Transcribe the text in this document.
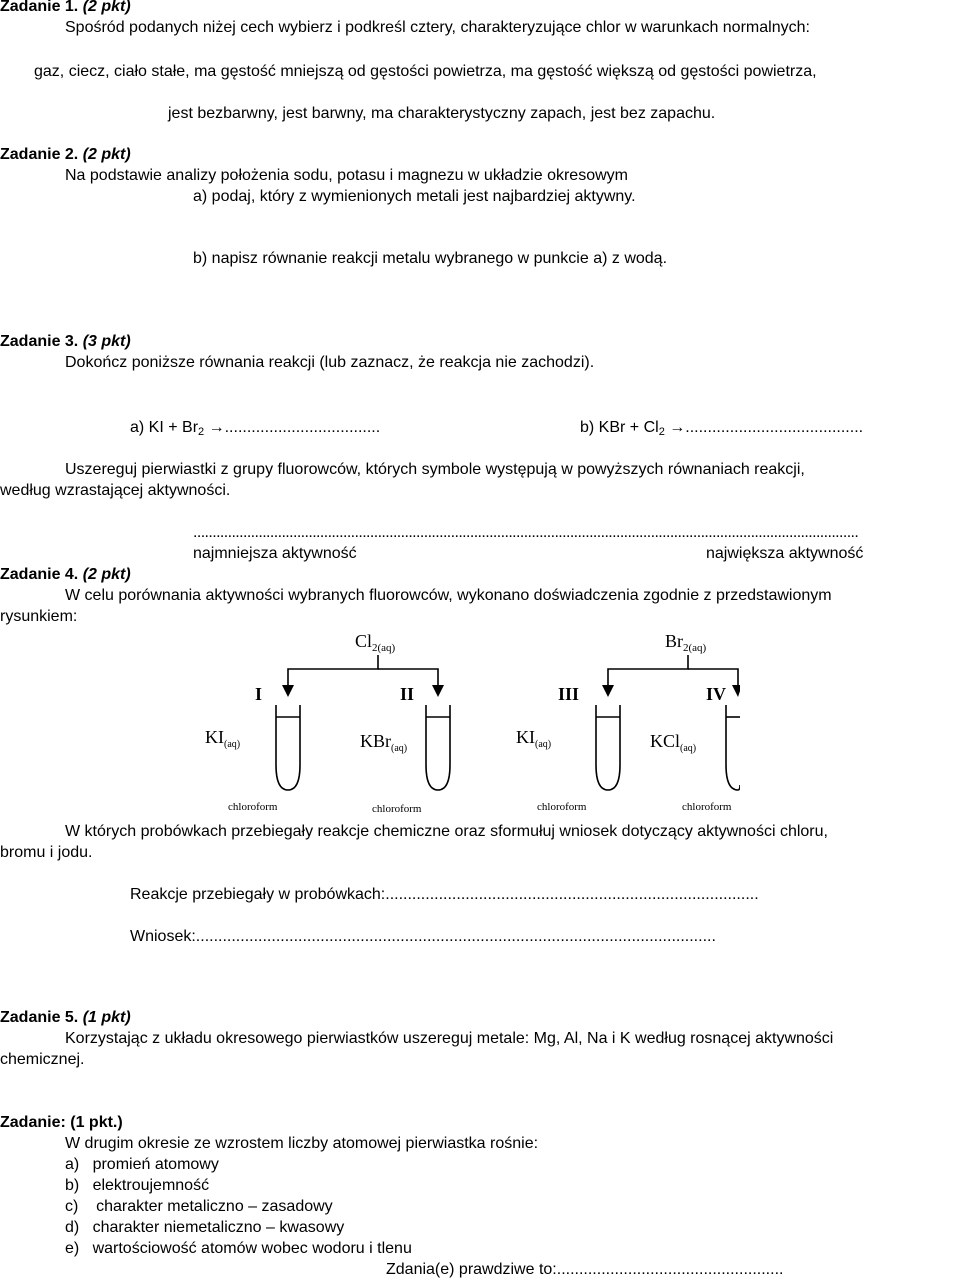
Zadanie 1. (2 pkt)
Spośród podanych niżej cech wybierz i podkreśl cztery, charakteryzujące chlor w warunkach normalnych:
gaz, ciecz, ciało stałe, ma gęstość mniejszą od gęstości powietrza, ma gęstość większą od gęstości powietrza,
jest bezbarwny, jest barwny, ma charakterystyczny zapach, jest bez zapachu.
Zadanie 2. (2 pkt)
Na podstawie analizy położenia sodu, potasu i magnezu w układzie okresowym
a) podaj, który z wymienionych metali jest najbardziej aktywny.
b) napisz równanie reakcji metalu wybranego w punkcie a) z wodą.
Zadanie 3. (3 pkt)
Dokończ poniższe równania reakcji (lub zaznacz, że reakcja nie zachodzi).
a) KI + $Br_2$ →...................................	b) KBr + $Cl_2$ →........................................
Uszereguj pierwiastki z grupy fluorowców, których symbole występują w powyższych równaniach reakcji,
według wzrastającej aktywności.
.............................................................................................................................................................................
najmniejsza aktywność	największa aktywność
Zadanie 4. (2 pkt)
W celu porównania aktywności wybranych fluorowców, wykonano doświadczenia zgodnie z przedstawionym
rysunkiem:
$Cl_{2(aq)}$	$Br_{2(aq)}$
I	II	III	IV
$KI_{(aq)}$	KBr$_{(aq)}$
$KI_{(aq)}$	KCl$_{(aq)}$
chloroform	chloroform	chloroform	chloroform
W których probówkach przebiegały reakcje chemiczne oraz sformułuj wniosek dotyczący aktywności chloru,
bromu i jodu.
Reakcje przebiegały w probówkach:....................................................................................
Wniosek:.....................................................................................................................
Zadanie 5. (1 pkt)
Korzystając z układu okresowego pierwiastków uszereguj metale: Mg, Al, Na i K według rosnącej aktywności
chemicznej.
Zadanie: (1 pkt.)
W drugim okresie ze wzrostem liczby atomowej pierwiastka rośnie:
a) promień atomowy
b) elektroujemność
c) charakter metaliczno – zasadowy
d) charakter niemetaliczno – kwasowy
e) wartościowość atomów wobec wodoru i tlenu
Zdania(e) prawdziwe to:...................................................
